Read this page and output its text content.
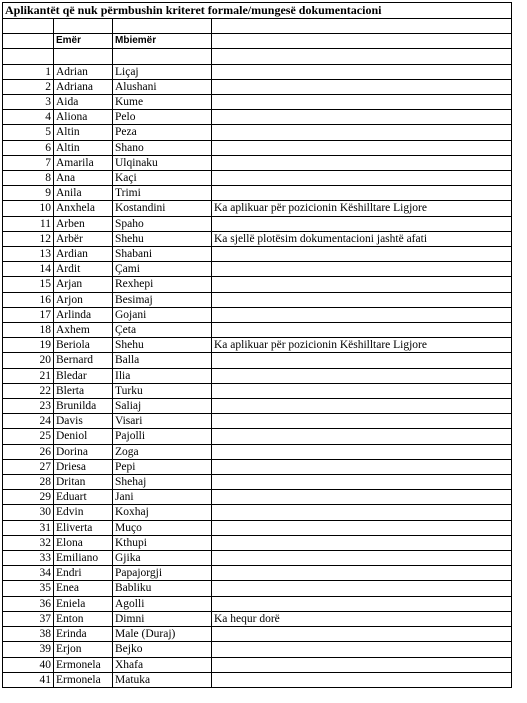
Aplikantët që nuk përmbushin kriteret formale/mungesë dokumentacioni			

	Emër	Mbiemër	

1	Adrian	Liçaj	
2	Adriana	Alushani	
3	Aida	Kume	
4	Aliona	Pelo	
5	Altin	Peza	
6	Altin	Shano	
7	Amarila	Ulqinaku	
8	Ana	Kaçi	
9	Anila	Trimi	
10	Anxhela	Kostandini	Ka aplikuar për pozicionin Këshilltare Ligjore
11	Arben	Spaho	
12	Arbër	Shehu	Ka sjellë plotësim dokumentacioni jashtë afati
13	Ardian	Shabani	
14	Ardit	Çami	
15	Arjan	Rexhepi	
16	Arjon	Besimaj	
17	Arlinda	Gojani	
18	Axhem	Çeta	
19	Beriola	Shehu	Ka aplikuar për pozicionin Këshilltare Ligjore
20	Bernard	Balla	
21	Bledar	Ilia	
22	Blerta	Turku	
23	Brunilda	Saliaj	
24	Davis	Visari	
25	Deniol	Pajolli	
26	Dorina	Zoga	
27	Driesa	Pepi	
28	Dritan	Shehaj	
29	Eduart	Jani	
30	Edvin	Koxhaj	
31	Eliverta	Muço	
32	Elona	Kthupi	
33	Emiliano	Gjika	
34	Endri	Papajorgji	
35	Enea	Babliku	
36	Eniela	Agolli	
37	Enton	Dimni	Ka hequr dorë
38	Erinda	Male (Duraj)	
39	Erjon	Bejko	
40	Ermonela	Xhafa	
41	Ermonela	Matuka	
